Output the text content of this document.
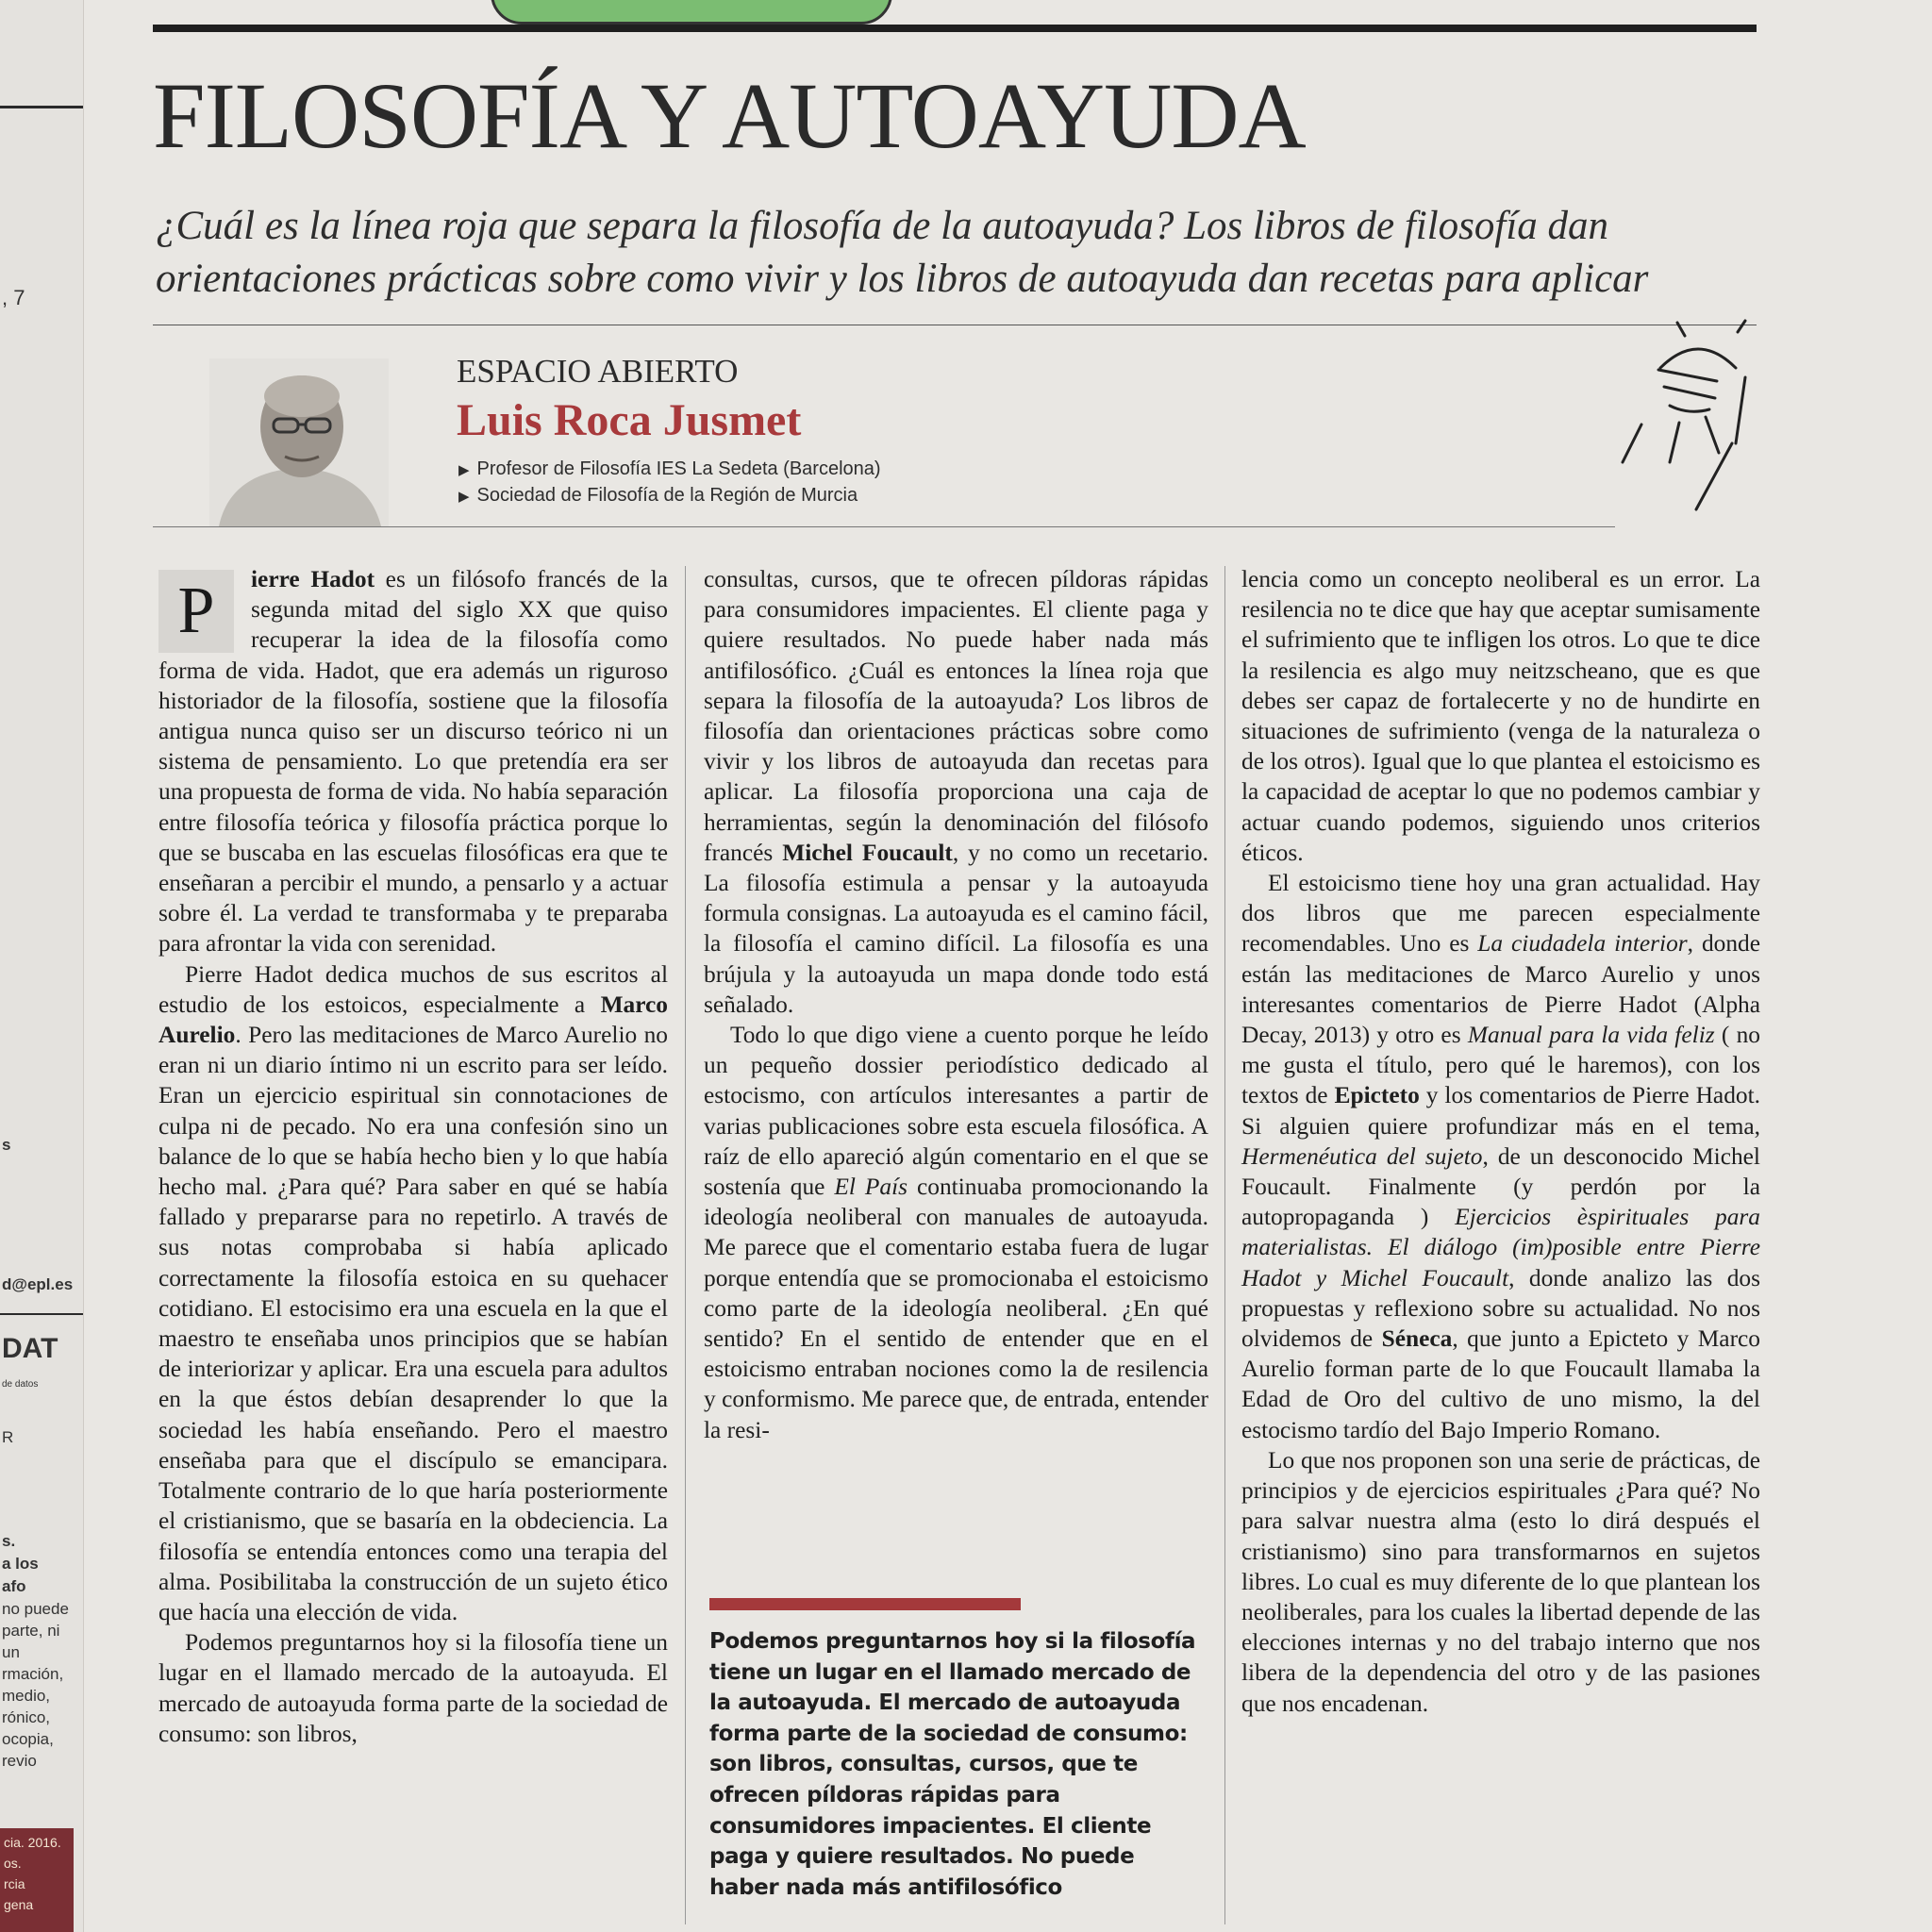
, 7
s
d@epl.es
DAT
de datos
R
s.
a los
afo
no puede
parte, ni
un
rmación,
medio,
rónico,
ocopia,
revio
cia. 2016.
os.
rcia
gena
FILOSOFÍA Y AUTOAYUDA

¿Cuál es la línea roja que separa la filosofía de la autoayuda? Los libros de filosofía dan orientaciones prácticas sobre como vivir y los libros de autoayuda dan recetas para aplicar

ESPACIO ABIERTO
Luis Roca Jusmet
▶ Profesor de Filosofía IES La Sedeta (Barcelona)
▶ Sociedad de Filosofía de la Región de Murcia

P	ierre Hadot es un filósofo francés de la segunda mitad del siglo XX que quiso recuperar la idea de la filosofía como forma de vida. Hadot, que era además un riguroso historiador de la filosofía, sostiene que la filosofía antigua nunca quiso ser un discurso teórico ni un sistema de pensamiento. Lo que pretendía era ser una propuesta de forma de vida. No había separación entre filosofía teórica y filosofía práctica porque lo que se buscaba en las escuelas filosóficas era que te enseñaran a percibir el mundo, a pensarlo y a actuar sobre él. La verdad te transformaba y te preparaba para afrontar la vida con serenidad.

Pierre Hadot dedica muchos de sus escritos al estudio de los estoicos, especialmente a Marco Aurelio. Pero las meditaciones de Marco Aurelio no eran ni un diario íntimo ni un escrito para ser leído. Eran un ejercicio espiritual sin connotaciones de culpa ni de pecado. No era una confesión sino un balance de lo que se había hecho bien y lo que había hecho mal. ¿Para qué? Para saber en qué se había fallado y prepararse para no repetirlo. A través de sus notas comprobaba si había aplicado correctamente la filosofía estoica en su quehacer cotidiano. El estocisimo era una escuela en la que el maestro te enseñaba unos principios que se habían de interiorizar y aplicar. Era una escuela para adultos en la que éstos debían desaprender lo que la sociedad les había enseñando. Pero el maestro enseñaba para que el discípulo se emancipara. Totalmente contrario de lo que haría posteriormente el cristianismo, que se basaría en la obdeciencia. La filosofía se entendía entonces como una terapia del alma. Posibilitaba la construcción de un sujeto ético que hacía una elección de vida.

Podemos preguntarnos hoy si la filosofía tiene un lugar en el llamado mercado de la autoayuda. El mercado de autoayuda forma parte de la sociedad de consumo: son libros,

consultas, cursos, que te ofrecen píldoras rápidas para consumidores impacientes. El cliente paga y quiere resultados. No puede haber nada más antifilosófico. ¿Cuál es entonces la línea roja que separa la filosofía de la autoayuda? Los libros de filosofía dan orientaciones prácticas sobre como vivir y los libros de autoayuda dan recetas para aplicar. La filosofía proporciona una caja de herramientas, según la denominación del filósofo francés Michel Foucault, y no como un recetario. La filosofía estimula a pensar y la autoayuda formula consignas. La autoayuda es el camino fácil, la filosofía el camino difícil. La filosofía es una brújula y la autoayuda un mapa donde todo está señalado.

Todo lo que digo viene a cuento porque he leído un pequeño dossier periodístico dedicado al estocismo, con artículos interesantes a partir de varias publicaciones sobre esta escuela filosófica. A raíz de ello apareció algún comentario en el que se sostenía que El País continuaba promocionando la ideología neoliberal con manuales de autoayuda. Me parece que el comentario estaba fuera de lugar porque entendía que se promocionaba el estoicismo como parte de la ideología neoliberal. ¿En qué sentido? En el sentido de entender que en el estoicismo entraban nociones como la de resilencia y conformismo. Me parece que, de entrada, entender la resi-

Podemos preguntarnos hoy si la filosofía tiene un lugar en el llamado mercado de la autoayuda. El mercado de autoayuda forma parte de la sociedad de consumo: son libros, consultas, cursos, que te ofrecen píldoras rápidas para consumidores impacientes. El cliente paga y quiere resultados. No puede haber nada más antifilosófico

lencia como un concepto neoliberal es un error. La resilencia no te dice que hay que aceptar sumisamente el sufrimiento que te infligen los otros. Lo que te dice la resilencia es algo muy neitzscheano, que es que debes ser capaz de fortalecerte y no de hundirte en situaciones de sufrimiento (venga de la naturaleza o de los otros). Igual que lo que plantea el estoicismo es la capacidad de aceptar lo que no podemos cambiar y actuar cuando podemos, siguiendo unos criterios éticos.

El estoicismo tiene hoy una gran actualidad. Hay dos libros que me parecen especialmente recomendables. Uno es La ciudadela interior, donde están las meditaciones de Marco Aurelio y unos interesantes comentarios de Pierre Hadot (Alpha Decay, 2013) y otro es Manual para la vida feliz ( no me gusta el título, pero qué le haremos), con los textos de Epicteto y los comentarios de Pierre Hadot. Si alguien quiere profundizar más en el tema, Hermenéutica del sujeto, de un desconocido Michel Foucault. Finalmente (y perdón por la autopropaganda ) Ejercicios èspirituales para materialistas. El diálogo (im)posible entre Pierre Hadot y Michel Foucault, donde analizo las dos propuestas y reflexiono sobre su actualidad. No nos olvidemos de Séneca, que junto a Epicteto y Marco Aurelio forman parte de lo que Foucault llamaba la Edad de Oro del cultivo de uno mismo, la del estocismo tardío del Bajo Imperio Romano.

Lo que nos proponen son una serie de prácticas, de principios y de ejercicios espirituales ¿Para qué? No para salvar nuestra alma (esto lo dirá después el cristianismo) sino para transformarnos en sujetos libres. Lo cual es muy diferente de lo que plantean los neoliberales, para los cuales la libertad depende de las elecciones internas y no del trabajo interno que nos libera de la dependencia del otro y de las pasiones que nos encadenan.
